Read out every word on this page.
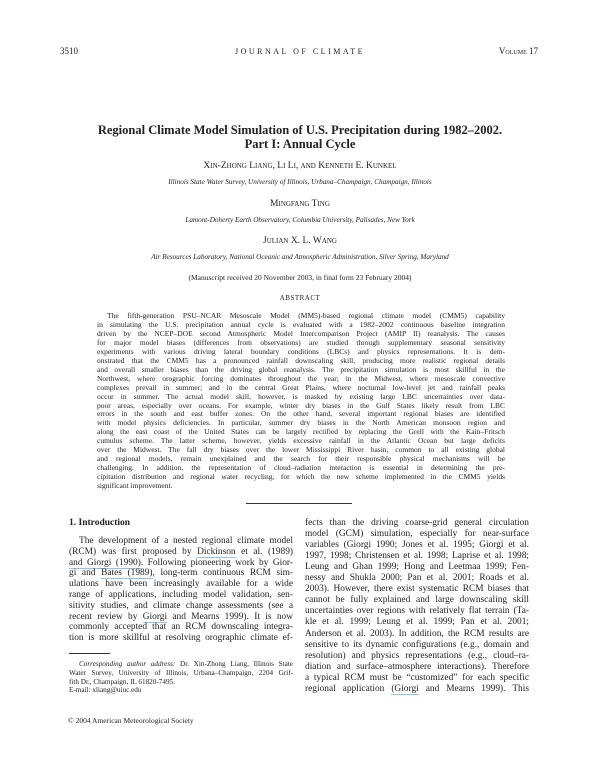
3510	JOURNAL OF CLIMATE	Volume 17
Regional Climate Model Simulation of U.S. Precipitation during 1982–2002.
Part I: Annual Cycle
Xin-Zhong Liang, Li Li, and Kenneth E. Kunkel
Illinois State Water Survey, University of Illinois, Urbana–Champaign, Champaign, Illinois
Mingfang Ting
Lamont-Doherty Earth Observatory, Columbia University, Palisades, New York
Julian X. L. Wang
Air Resources Laboratory, National Oceanic and Atmospheric Administration, Silver Spring, Maryland
(Manuscript received 20 November 2003, in final form 23 February 2004)
ABSTRACT
The fifth-generation PSU–NCAR Mesoscale Model (MM5)-based regional climate model (CMM5) capability
in simulating the U.S. precipitation annual cycle is evaluated with a 1982–2002 continuous baseline integration
driven by the NCEP–DOE second Atmospheric Model Intercomparison Project (AMIP II) reanalysis. The causes
for major model biases (differences from observations) are studied through supplementary seasonal sensitivity
experiments with various driving lateral boundary conditions (LBCs) and physics representations. It is dem-
onstrated that the CMM5 has a pronounced rainfall downscaling skill, producing more realistic regional details
and overall smaller biases than the driving global reanalysis. The precipitation simulation is most skillful in the
Northwest, where orographic forcing dominates throughout the year; in the Midwest, where mesoscale convective
complexes prevail in summer; and in the central Great Plains, where nocturnal low-level jet and rainfall peaks
occur in summer. The actual model skill, however, is masked by existing large LBC uncertainties over data-
poor areas, especially over oceans. For example, winter dry biases in the Gulf States likely result from LBC
errors in the south and east buffer zones. On the other hand, several important regional biases are identified
with model physics deficiencies. In particular, summer dry biases in the North American monsoon region and
along the east coast of the United States can be largely rectified by replacing the Grell with the Kain–Fritsch
cumulus scheme. The latter scheme, however, yields excessive rainfall in the Atlantic Ocean but large deficits
over the Midwest. The fall dry biases over the lower Mississippi River basin, common to all existing global
and regional models, remain unexplained and the search for their responsible physical mechanisms will be
challenging. In addition, the representation of cloud–radiation interaction is essential in determining the pre-
cipitation distribution and regional water recycling, for which the new scheme implemented in the CMM5 yields
significant improvement.
1. Introduction
The development of a nested regional climate model
(RCM) was first proposed by Dickinson et al. (1989)
and Giorgi (1990). Following pioneering work by Gior-
gi and Bates (1989), long-term continuous RCM sim-
ulations have been increasingly available for a wide
range of applications, including model validation, sen-
sitivity studies, and climate change assessments (see a
recent review by Giorgi and Mearns 1999). It is now
commonly accepted that an RCM downscaling integra-
tion is more skillful at resolving orographic climate ef-
fects than the driving coarse-grid general circulation
model (GCM) simulation, especially for near-surface
variables (Giorgi 1990; Jones et al. 1995; Giorgi et al.
1997, 1998; Christensen et al. 1998; Laprise et al. 1998;
Leung and Ghan 1999; Hong and Leetmaa 1999; Fen-
nessy and Shukla 2000; Pan et al. 2001; Roads et al.
2003). However, there exist systematic RCM biases that
cannot be fully explained and large downscaling skill
uncertainties over regions with relatively flat terrain (Ta-
kle et al. 1999; Leung et al. 1999; Pan et al. 2001;
Anderson et al. 2003). In addition, the RCM results are
sensitive to its dynamic configurations (e.g., domain and
resolution) and physics representations (e.g., cloud–ra-
diation and surface–atmosphere interactions). Therefore
a typical RCM must be “customized” for each specific
regional application (Giorgi and Mearns 1999). This
Corresponding author address: Dr. Xin-Zhong Liang, Illinois State
Water Survey, University of Illinois, Urbana–Champaign, 2204 Grif-
fith Dr., Champaign, IL 61820-7495.
E-mail: xliang@uiuc.edu
© 2004 American Meteorological Society
